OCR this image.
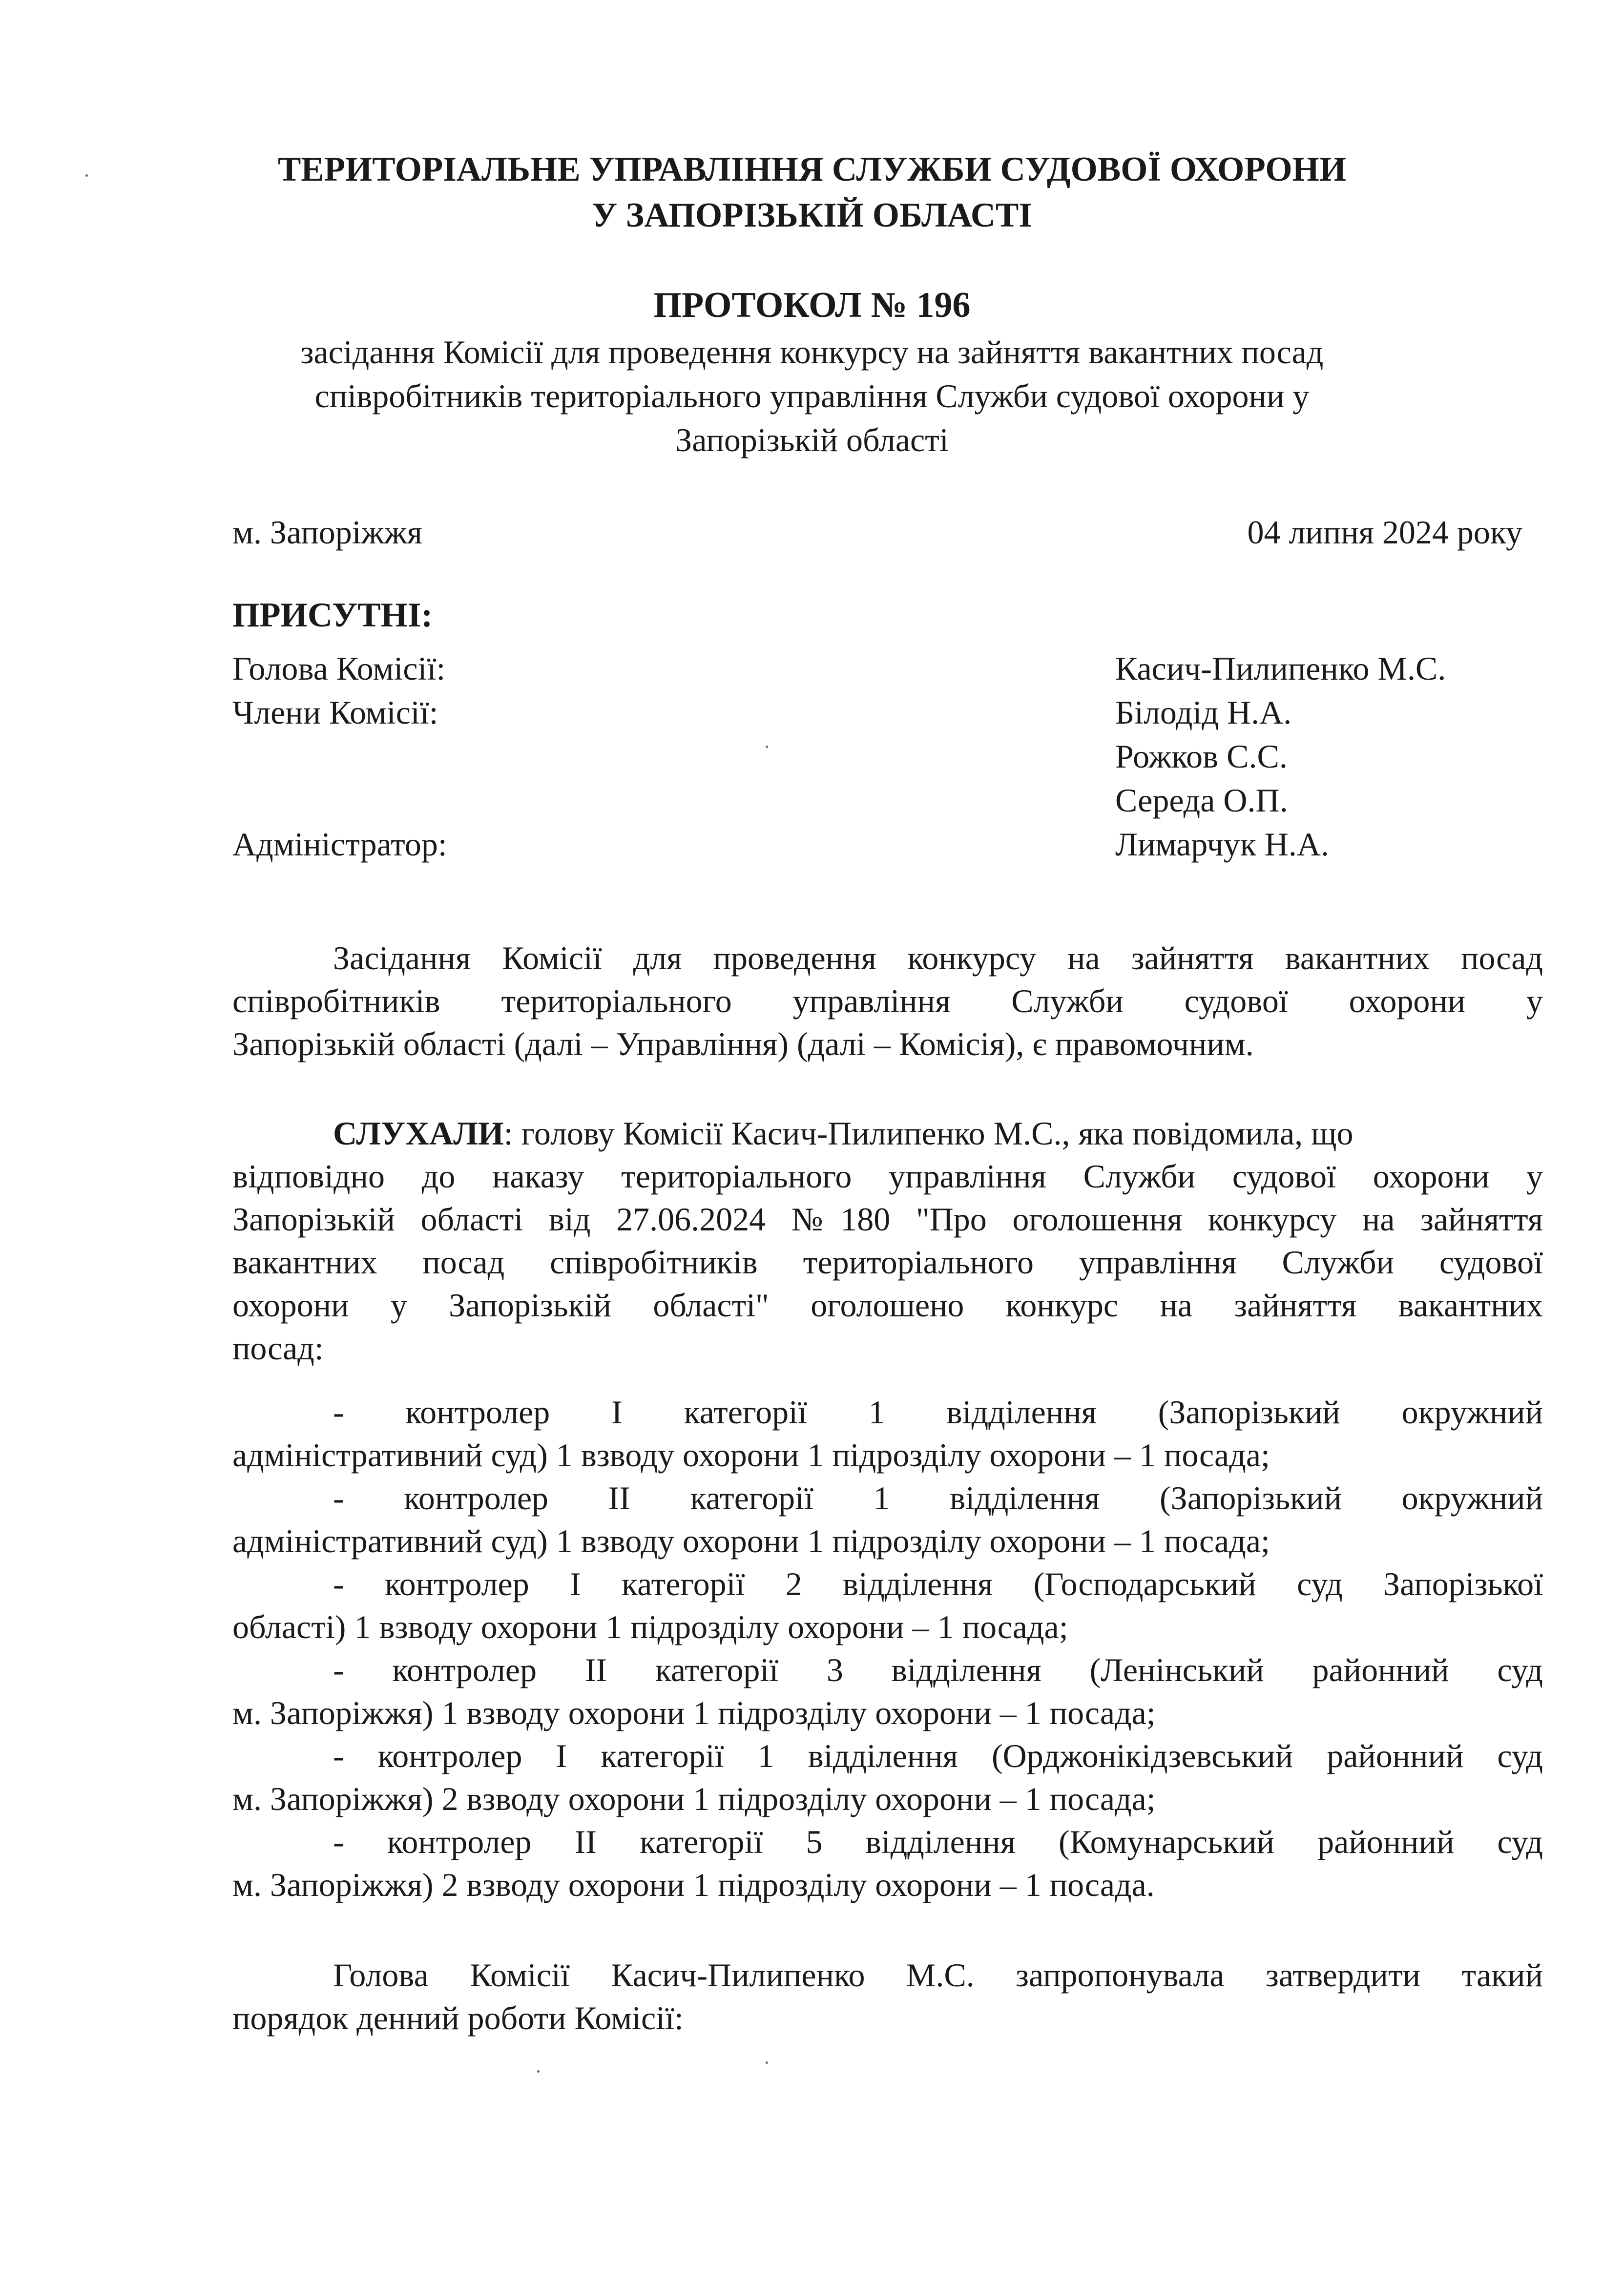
ТЕРИТОРІАЛЬНЕ УПРАВЛІННЯ СЛУЖБИ СУДОВОЇ ОХОРОНИ
У ЗАПОРІЗЬКІЙ ОБЛАСТІ
ПРОТОКОЛ № 196
засідання Комісії для проведення конкурсу на зайняття вакантних посад
співробітників територіального управління Служби судової охорони у
Запорізькій області
м. Запоріжжя	04 липня 2024 року
ПРИСУТНІ:
Голова Комісії:	Касич-Пилипенко М.С.
Члени Комісії:	Білодід Н.А.
Рожков С.С.
Середа О.П.
Адміністратор:	Лимарчук Н.А.
Засідання Комісії для проведення конкурсу на зайняття вакантних посад
співробітників територіального управління Служби судової охорони у
Запорізькій області (далі – Управління) (далі – Комісія), є правомочним.
СЛУХАЛИ: голову Комісії Касич-Пилипенко М.С., яка повідомила, що
відповідно до наказу територіального управління Служби судової охорони у
Запорізькій області від 27.06.2024 №180 "Про оголошення конкурсу на зайняття
вакантних посад співробітників територіального управління Служби судової
охорони у Запорізькій області" оголошено конкурс на зайняття вакантних
посад:
- контролер І категорії 1 відділення (Запорізький окружний
адміністративний суд) 1 взводу охорони 1 підрозділу охорони – 1 посада;
- контролер ІІ категорії 1 відділення (Запорізький окружний
адміністративний суд) 1 взводу охорони 1 підрозділу охорони – 1 посада;
- контролер І категорії 2 відділення (Господарський суд Запорізької
області) 1 взводу охорони 1 підрозділу охорони – 1 посада;
- контролер ІІ категорії 3 відділення (Ленінський районний суд
м. Запоріжжя) 1 взводу охорони 1 підрозділу охорони – 1 посада;
- контролер І категорії 1 відділення (Орджонікідзевський районний суд
м. Запоріжжя) 2 взводу охорони 1 підрозділу охорони – 1 посада;
- контролер ІІ категорії 5 відділення (Комунарський районний суд
м. Запоріжжя) 2 взводу охорони 1 підрозділу охорони – 1 посада.
Голова Комісії Касич-Пилипенко М.С. запропонувала затвердити такий
порядок денний роботи Комісії:
